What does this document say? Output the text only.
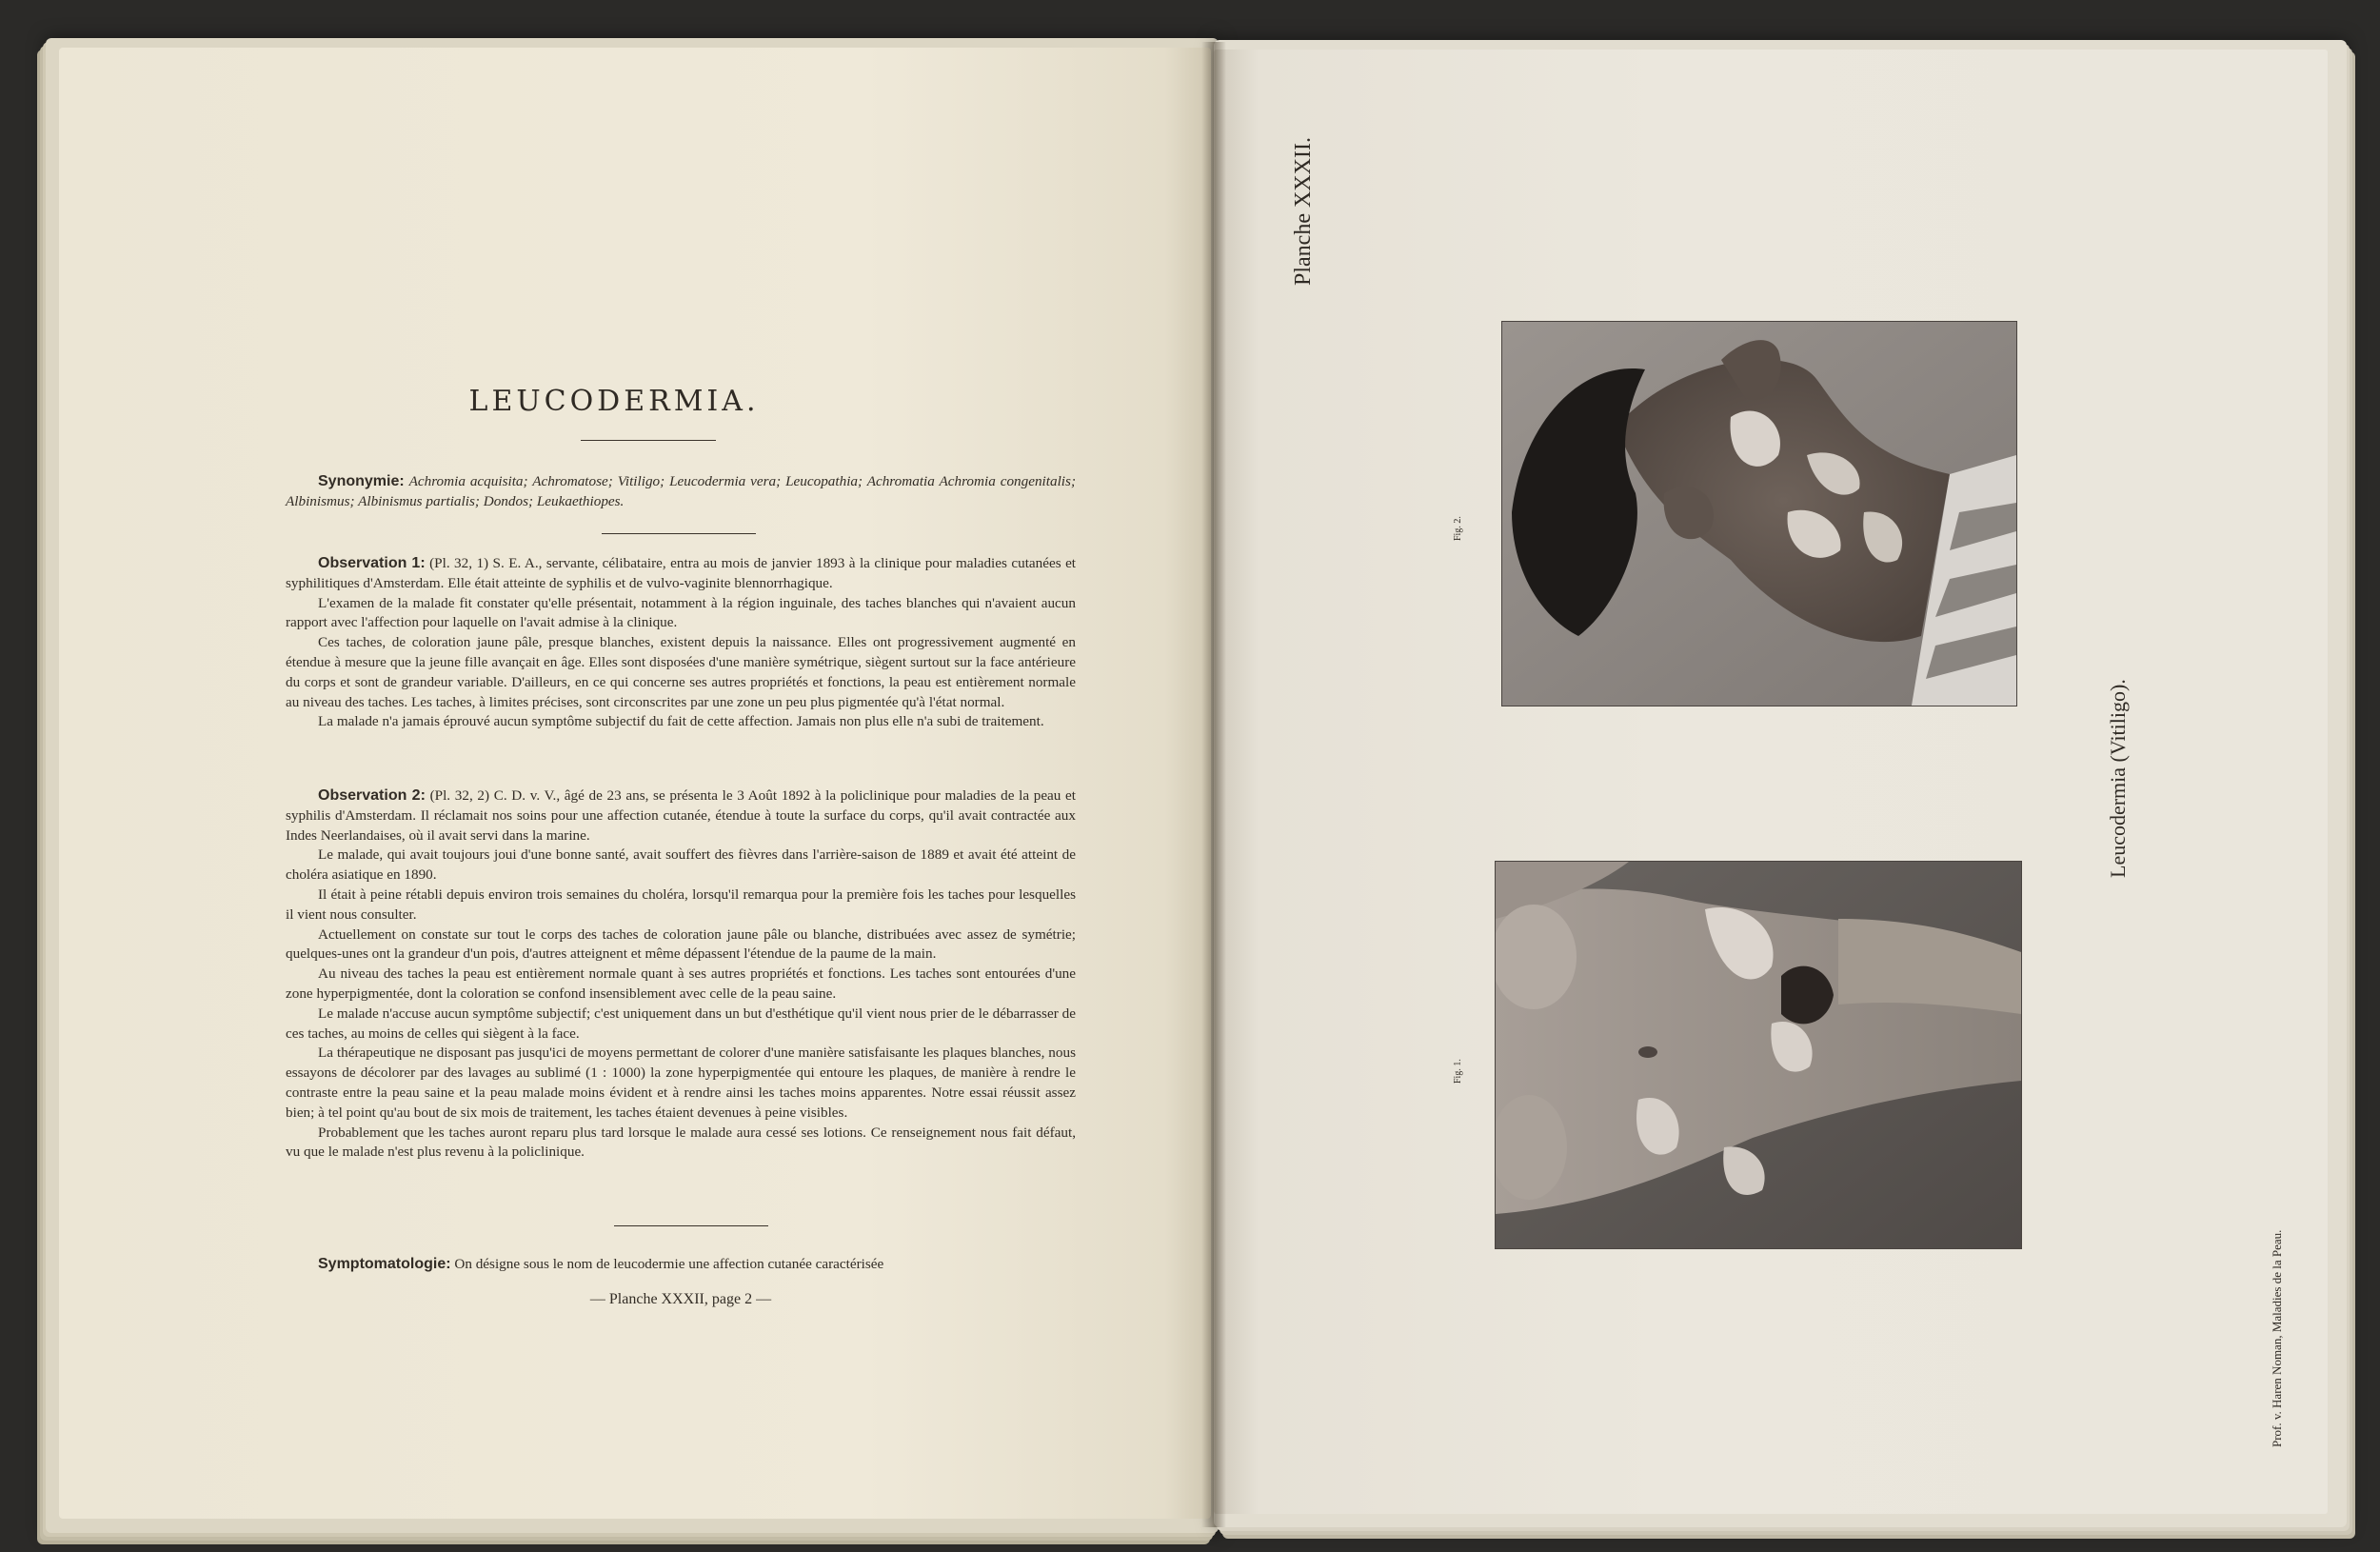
LEUCODERMIA.

Synonymie: Achromia acquisita; Achromatose; Vitiligo; Leucodermia vera; Leucopathia; Achromatia Achromia congenitalis; Albinismus; Albinismus partialis; Dondos; Leukaethiopes.

Observation 1: (Pl. 32, 1) S. E. A., servante, célibataire, entra au mois de janvier 1893 à la clinique pour maladies cutanées et syphilitiques d'Amsterdam. Elle était atteinte de syphilis et de vulvo-vaginite blennorrhagique.

L'examen de la malade fit constater qu'elle présentait, notamment à la région inguinale, des taches blanches qui n'avaient aucun rapport avec l'affection pour laquelle on l'avait admise à la clinique.

Ces taches, de coloration jaune pâle, presque blanches, existent depuis la naissance. Elles ont progressivement augmenté en étendue à mesure que la jeune fille avançait en âge. Elles sont disposées d'une manière symétrique, siègent surtout sur la face antérieure du corps et sont de grandeur variable. D'ailleurs, en ce qui concerne ses autres propriétés et fonctions, la peau est entièrement normale au niveau des taches. Les taches, à limites précises, sont circonscrites par une zone un peu plus pigmentée qu'à l'état normal.

La malade n'a jamais éprouvé aucun symptôme subjectif du fait de cette affection. Jamais non plus elle n'a subi de traitement.

Observation 2: (Pl. 32, 2) C. D. v. V., âgé de 23 ans, se présenta le 3 Août 1892 à la policlinique pour maladies de la peau et syphilis d'Amsterdam. Il réclamait nos soins pour une affection cutanée, étendue à toute la surface du corps, qu'il avait contractée aux Indes Neerlandaises, où il avait servi dans la marine.

Le malade, qui avait toujours joui d'une bonne santé, avait souffert des fièvres dans l'arrière-saison de 1889 et avait été atteint de choléra asiatique en 1890.

Il était à peine rétabli depuis environ trois semaines du choléra, lorsqu'il remarqua pour la première fois les taches pour lesquelles il vient nous consulter.

Actuellement on constate sur tout le corps des taches de coloration jaune pâle ou blanche, distribuées avec assez de symétrie; quelques-unes ont la grandeur d'un pois, d'autres atteignent et même dépassent l'étendue de la paume de la main.

Au niveau des taches la peau est entièrement normale quant à ses autres propriétés et fonctions. Les taches sont entourées d'une zone hyperpigmentée, dont la coloration se confond insensiblement avec celle de la peau saine.

Le malade n'accuse aucun symptôme subjectif; c'est uniquement dans un but d'esthétique qu'il vient nous prier de le débarrasser de ces taches, au moins de celles qui siègent à la face.

La thérapeutique ne disposant pas jusqu'ici de moyens permettant de colorer d'une manière satisfaisante les plaques blanches, nous essayons de décolorer par des lavages au sublimé (1 : 1000) la zone hyperpigmentée qui entoure les plaques, de manière à rendre le contraste entre la peau saine et la peau malade moins évident et à rendre ainsi les taches moins apparentes. Notre essai réussit assez bien; à tel point qu'au bout de six mois de traitement, les taches étaient devenues à peine visibles.

Probablement que les taches auront reparu plus tard lorsque le malade aura cessé ses lotions. Ce renseignement nous fait défaut, vu que le malade n'est plus revenu à la policlinique.

Symptomatologie: On désigne sous le nom de leucodermie une affection cutanée caractérisée

— Planche XXXII, page 2 —
Planche XXXII.
Leucodermia (Vitiligo).
Prof. v. Haren Noman, Maladies de la Peau.
Fig. 2.
Fig. 1.
